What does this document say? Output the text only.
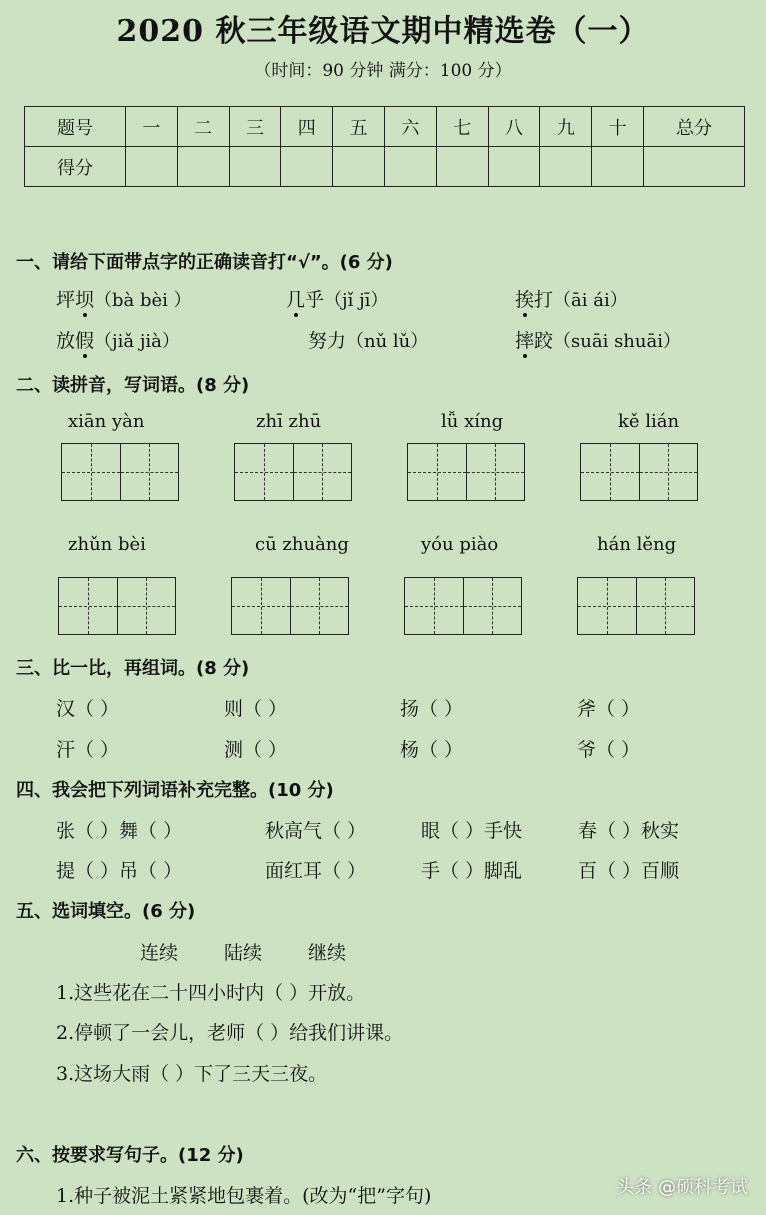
2020 秋三年级语文期中精选卷（一）
（时间：90 分钟 满分：100 分）
题号	一	二	三	四	五	六	七	八	九	十	总分
得分											
一、请给下面带点字的正确读音打“√”。(6 分)
坪坝（bà bèi ）	几乎（jǐ jī）	挨打（āi ái）
放假（jiǎ jià）	努力（nǔ lǔ）	摔跤（suāi shuāi）
二、读拼音，写词语。(8 分)
xiān yàn	zhī zhū	lǚ xíng	kě lián
zhǔn bèi	cū zhuàng	yóu piào	hán lěng
三、比一比，再组词。(8 分)
汉（ ）	则（ ）	扬（ ）	斧（ ）
汗（ ）	测（ ）	杨（ ）	爷（ ）
四、我会把下列词语补充完整。(10 分)
张（ ）舞（ ）	秋高气（ ）	眼（ ）手快	春（ ）秋实
提（ ）吊（ ）	面红耳（ ）	手（ ）脚乱	百（ ）百顺
五、选词填空。(6 分)
连续 陆续 继续
1.这些花在二十四小时内（ ）开放。
2.停顿了一会儿，老师（ ）给我们讲课。
3.这场大雨（ ）下了三天三夜。
六、按要求写句子。(12 分)
1.种子被泥土紧紧地包裹着。(改为“把”字句)	头条 @硕科考试
